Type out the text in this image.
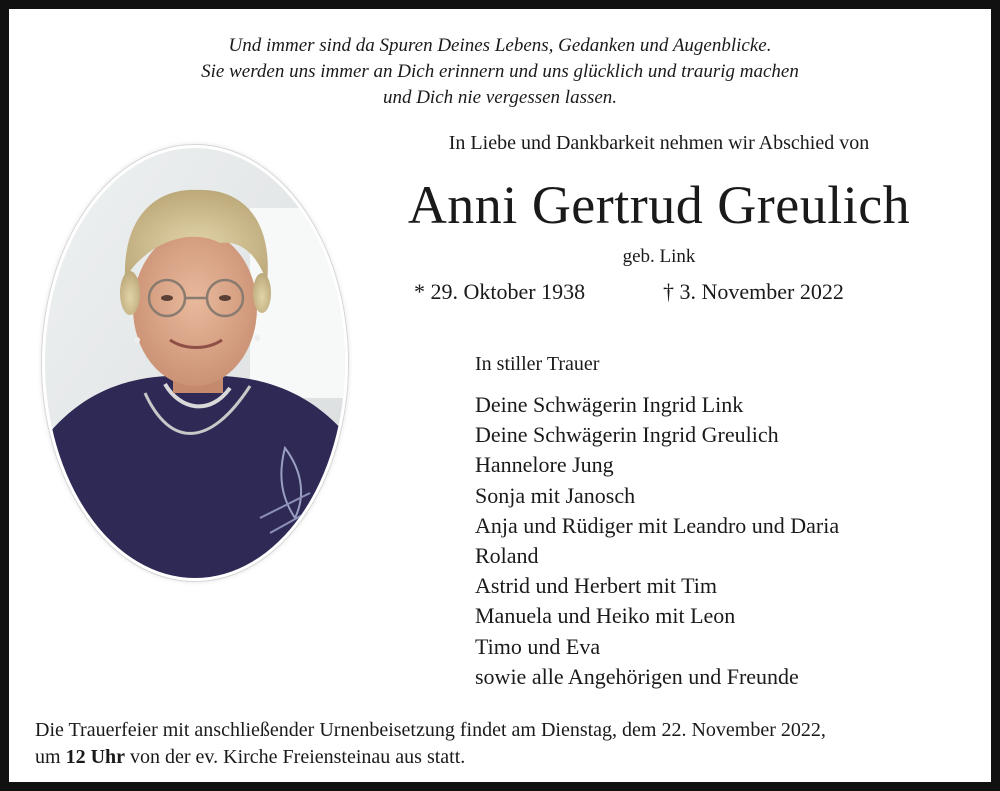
Und immer sind da Spuren Deines Lebens, Gedanken und Augenblicke.
Sie werden uns immer an Dich erinnern und uns glücklich und traurig machen
und Dich nie vergessen lassen.
In Liebe und Dankbarkeit nehmen wir Abschied von
Anni Gertrud Greulich
geb. Link
* 29. Oktober 1938	† 3. November 2022
In stiller Trauer
Deine Schwägerin Ingrid Link
Deine Schwägerin Ingrid Greulich
Hannelore Jung
Sonja mit Janosch
Anja und Rüdiger mit Leandro und Daria
Roland
Astrid und Herbert mit Tim
Manuela und Heiko mit Leon
Timo und Eva
sowie alle Angehörigen und Freunde
Die Trauerfeier mit anschließender Urnenbeisetzung findet am Dienstag, dem 22. November 2022,
um 12 Uhr von der ev. Kirche Freiensteinau aus statt.
